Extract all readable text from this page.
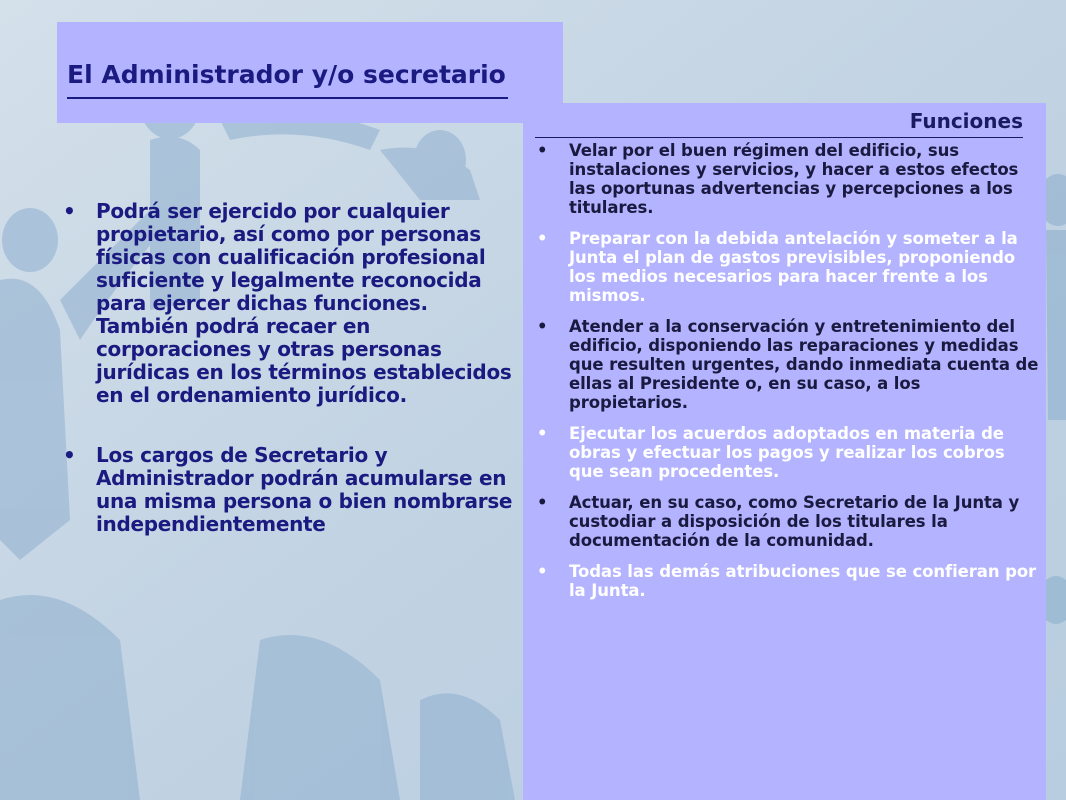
El Administrador y/o secretario
• Podrá ser ejercido por cualquier propietario, así como por personas físicas con cualificación profesional suficiente y legalmente reconocida para ejercer dichas funciones. También podrá recaer en corporaciones y otras personas jurídicas en los términos establecidos en el ordenamiento jurídico.
• Los cargos de Secretario y Administrador podrán acumularse en una misma persona o bien nombrarse independientemente
Funciones
• Velar por el buen régimen del edificio, sus instalaciones y servicios, y hacer a estos efectos las oportunas advertencias y percepciones a los titulares.
• Preparar con la debida antelación y someter a la Junta el plan de gastos previsibles, proponiendo los medios necesarios para hacer frente a los mismos.
• Atender a la conservación y entretenimiento del edificio, disponiendo las reparaciones y medidas que resulten urgentes, dando inmediata cuenta de ellas al Presidente o, en su caso, a los propietarios.
• Ejecutar los acuerdos adoptados en materia de obras y efectuar los pagos y realizar los cobros que sean procedentes.
• Actuar, en su caso, como Secretario de la Junta y custodiar a disposición de los titulares la documentación de la comunidad.
• Todas las demás atribuciones que se confieran por la Junta.
